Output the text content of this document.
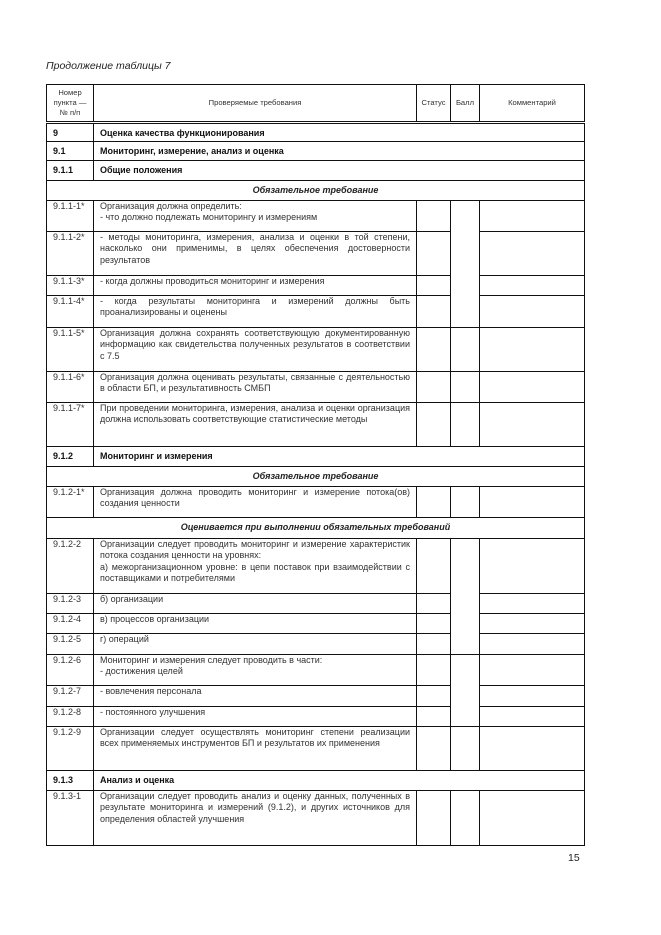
Продолжение таблицы 7
Номер пункта — № п/п	Проверяемые требования	Статус	Балл	Комментарий
9	Оценка качества функционирования			
9.1	Мониторинг, измерение, анализ и оценка			
9.1.1	Общие положения			
Обязательное требование				
9.1.1-1*	Организация должна определить:
- что должно подлежать мониторингу и измерениям			

9.1.1-2*	- методы мониторинга, измерения, анализа и оценки в той степени, насколько они применимы, в целях обеспечения достоверности результатов			
9.1.1-3*	- когда должны проводиться мониторинг и измерения			
9.1.1-4*	- когда результаты мониторинга и измерений должны быть проанализированы и оценены			
9.1.1-5*	Организация должна сохранять соответствующую документированную информацию как свидетельства полученных результатов в соответствии с 7.5			
9.1.1-6*	Организация должна оценивать результаты, связанные с деятельностью в области БП, и результативность СМБП			
9.1.1-7*	При проведении мониторинга, измерения, анализа и оценки организация должна использовать соответствующие статистические методы			
9.1.2	Мониторинг и измерения			
Обязательное требование				
9.1.2-1*	Организация должна проводить мониторинг и измерение потока(ов) создания ценности			
Оценивается при выполнении обязательных требований				
9.1.2-2	Организации следует проводить мониторинг и измерение характеристик потока создания ценности на уровнях:
а) межорганизационном уровне: в цепи поставок при взаимодействии с поставщиками и потребителями			

9.1.2-3	б) организации			
9.1.2-4	в) процессов организации			
9.1.2-5	г) операций			
9.1.2-6	Мониторинг и измерения следует проводить в части:
- достижения целей			

9.1.2-7	- вовлечения персонала			
9.1.2-8	- постоянного улучшения			
9.1.2-9	Организации следует осуществлять мониторинг степени реализации всех применяемых инструментов БП и результатов их применения			
9.1.3	Анализ и оценка			
9.1.3-1	Организации следует проводить анализ и оценку данных, полученных в результате мониторинга и измерений (9.1.2), и других источников для определения областей улучшения			
15
